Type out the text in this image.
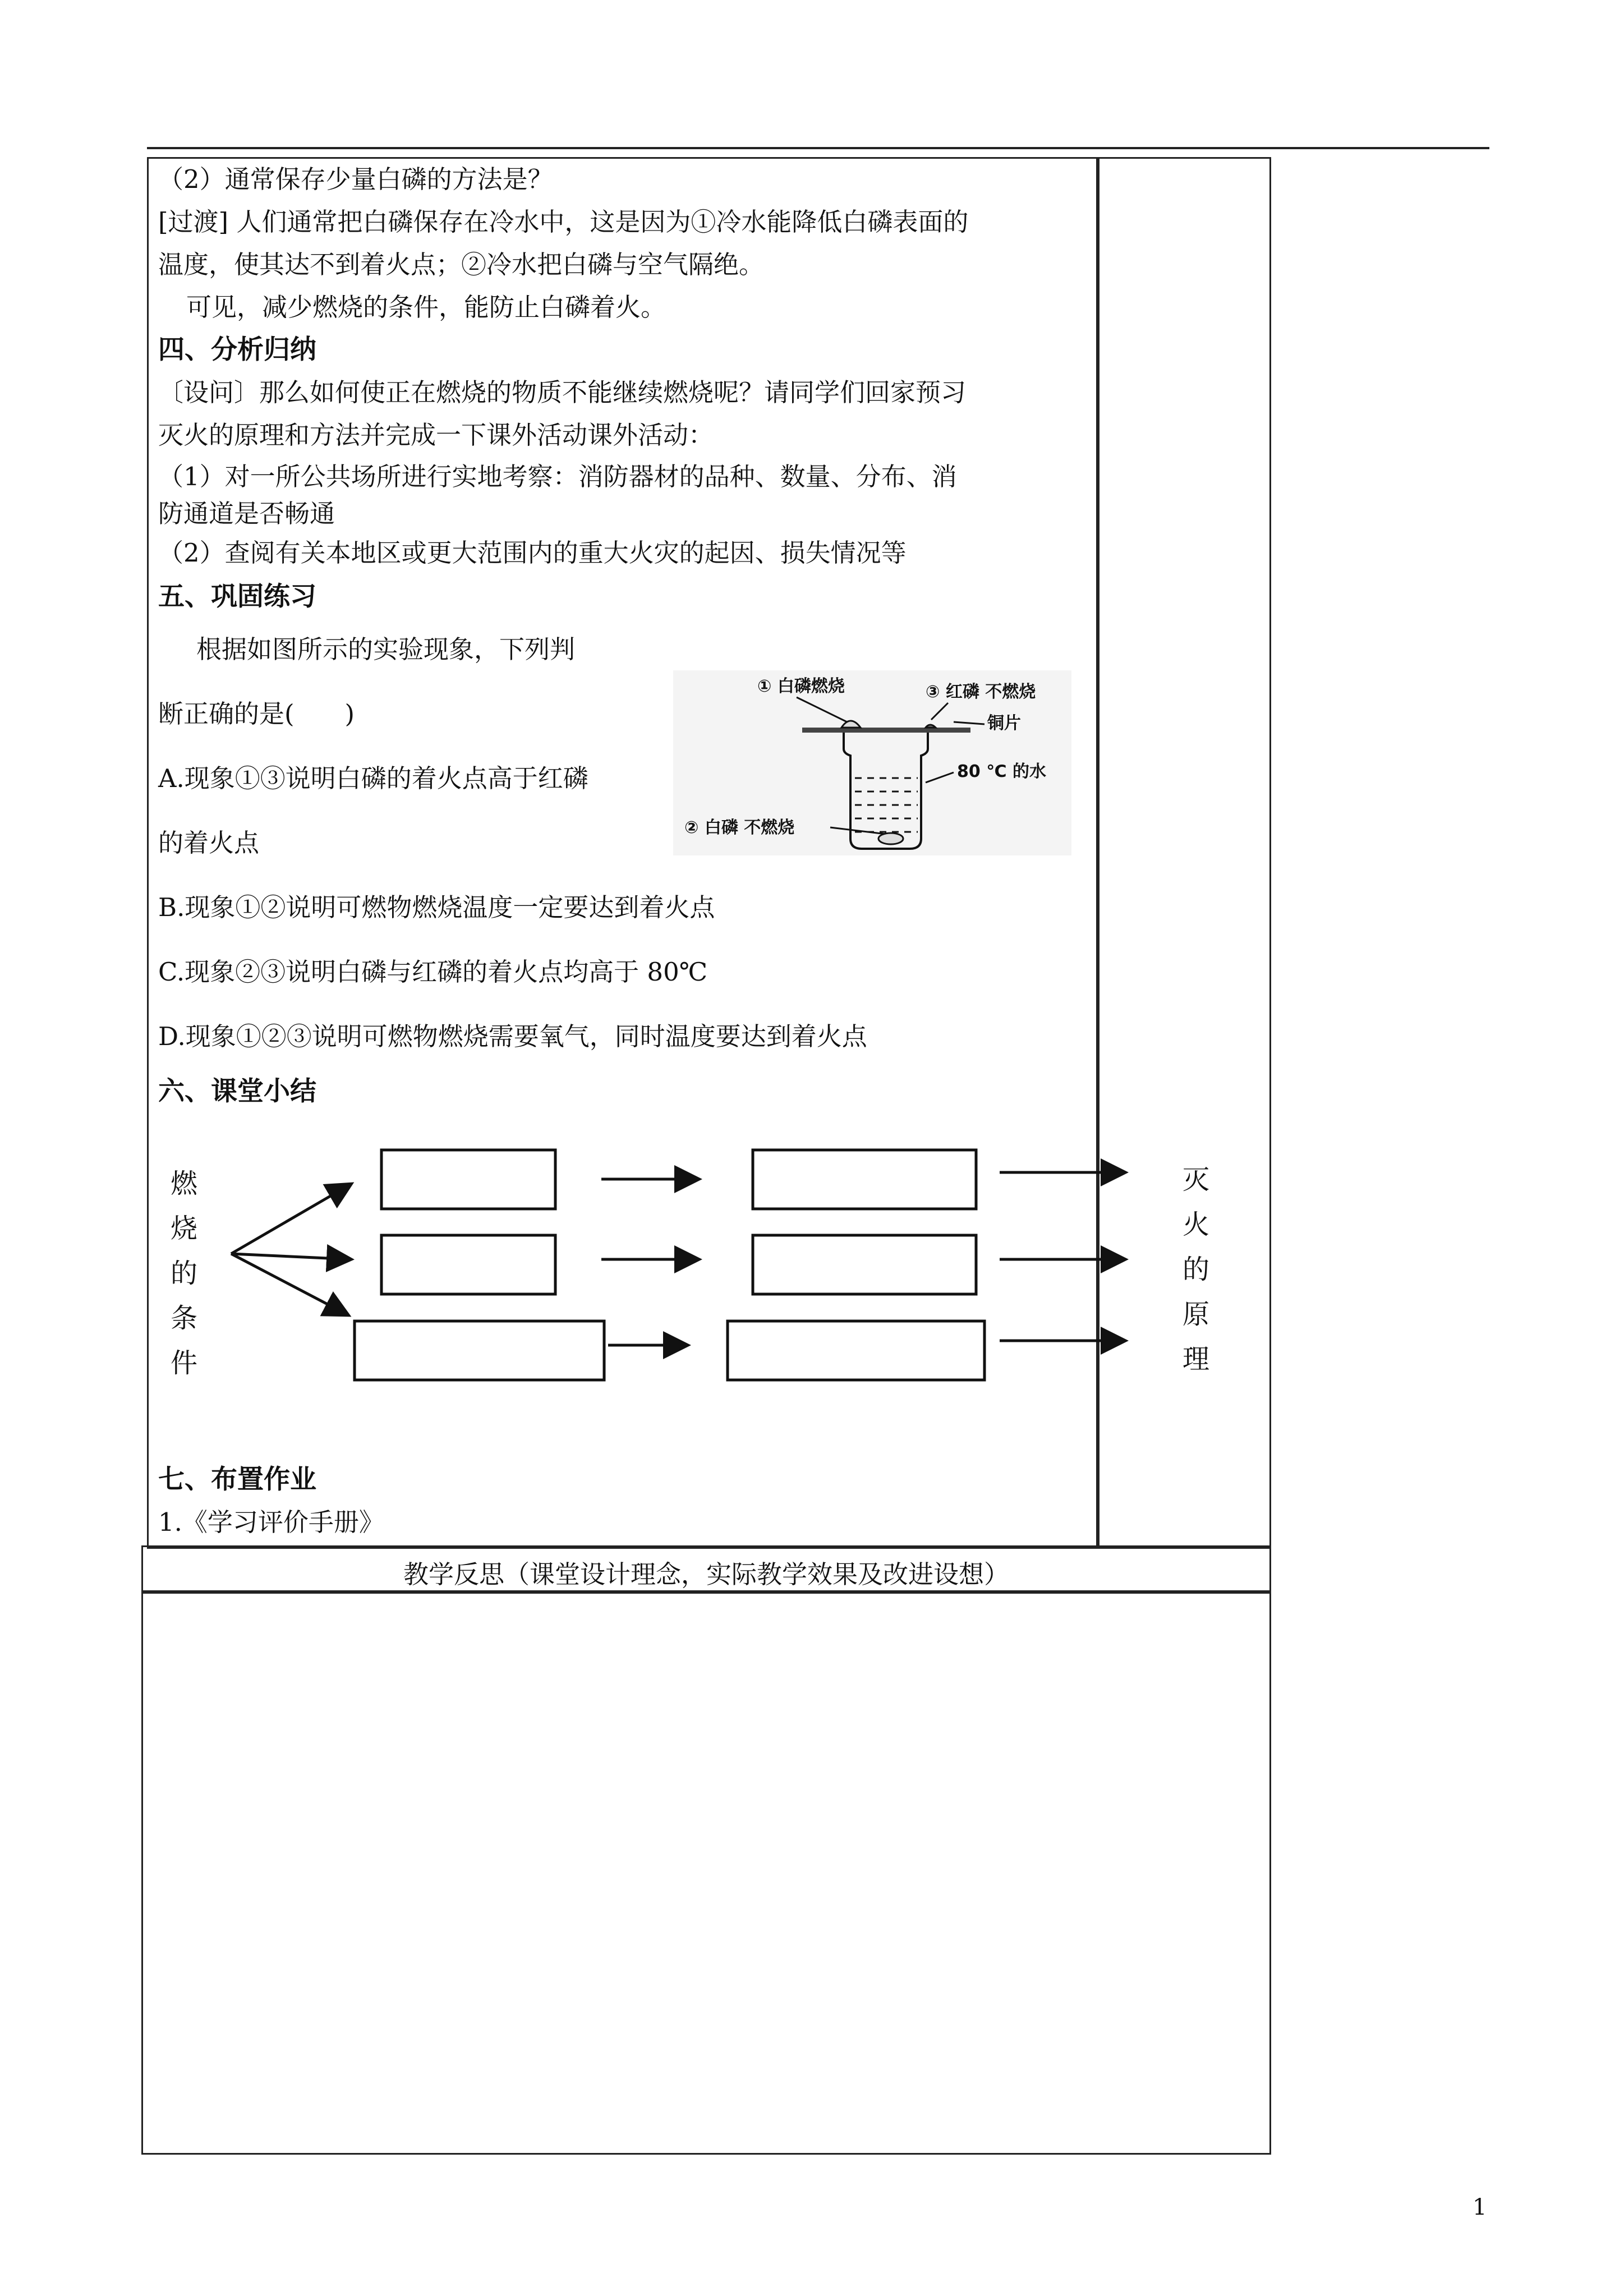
（2）通常保存少量白磷的方法是？
[过渡] 人们通常把白磷保存在冷水中，这是因为①冷水能降低白磷表面的
温度，使其达不到着火点；②冷水把白磷与空气隔绝。
可见，减少燃烧的条件，能防止白磷着火。
四、分析归纳
〔设问〕那么如何使正在燃烧的物质不能继续燃烧呢？请同学们回家预习
灭火的原理和方法并完成一下课外活动课外活动：
（1）对一所公共场所进行实地考察：消防器材的品种、数量、分布、消
防通道是否畅通
（2）查阅有关本地区或更大范围内的重大火灾的起因、损失情况等
五、巩固练习
根据如图所示的实验现象，下列判
断正确的是(　　)
A.现象①③说明白磷的着火点高于红磷
的着火点
B.现象①②说明可燃物燃烧温度一定要达到着火点
C.现象②③说明白磷与红磷的着火点均高于 80℃
D.现象①②③说明可燃物燃烧需要氧气，同时温度要达到着火点
① 白磷燃烧	③ 红磷 不燃烧
铜片
80 ℃ 的水
② 白磷 不燃烧
六、课堂小结
燃
烧
的
条
件
灭
火
的
原
理
七、布置作业
1.《学习评价手册》
教学反思（课堂设计理念，实际教学效果及改进设想）
1
